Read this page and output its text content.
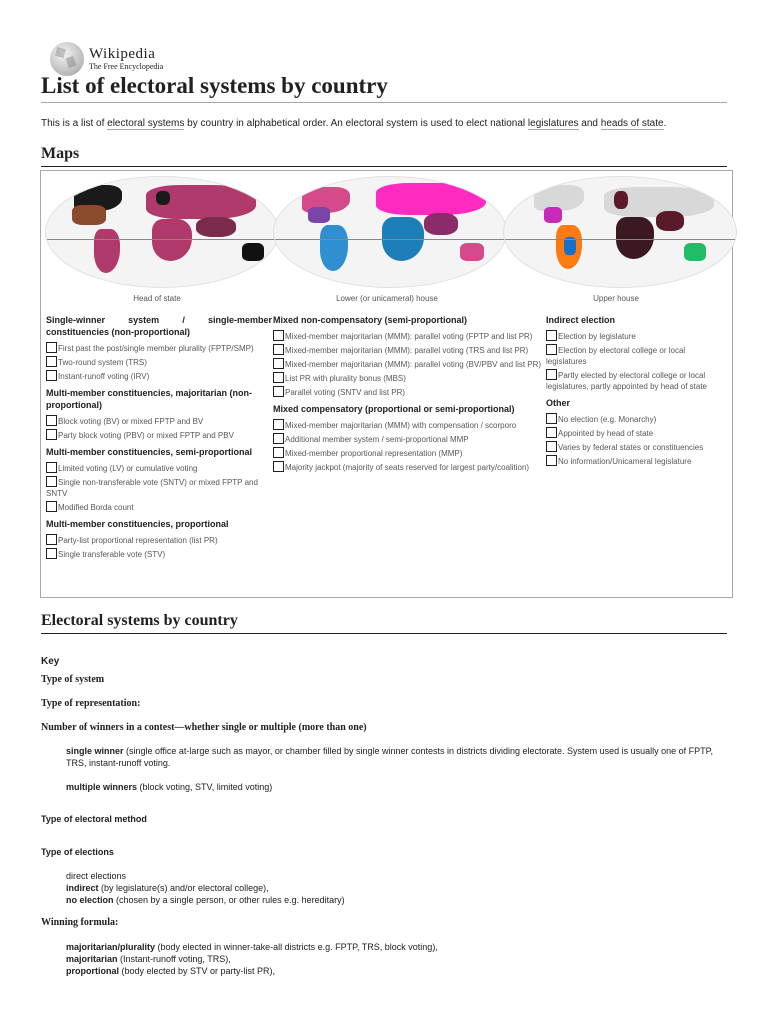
Wikipedia
The Free Encyclopedia
List of electoral systems by country

This is a list of electoral systems by country in alphabetical order. An electoral system is used to elect national legislatures and heads of state.

Maps
Head of state	Lower (or unicameral) house	Upper house
Single-winner system / single-member constituencies (non-proportional)
First past the post/single member plurality (FPTP/SMP)
Two-round system (TRS)
Instant-runoff voting (IRV)
Multi-member constituencies, majoritarian (non-proportional)
Block voting (BV) or mixed FPTP and BV
Party block voting (PBV) or mixed FPTP and PBV
Multi-member constituencies, semi-proportional
Limited voting (LV) or cumulative voting
Single non-transferable vote (SNTV) or mixed FPTP and SNTV
Modified Borda count
Multi-member constituencies, proportional
Party-list proportional representation (list PR)
Single transferable vote (STV)
Mixed non-compensatory (semi-proportional)
Mixed-member majoritarian (MMM): parallel voting (FPTP and list PR)
Mixed-member majoritarian (MMM): parallel voting (TRS and list PR)
Mixed-member majoritarian (MMM): parallel voting (BV/PBV and list PR)
List PR with plurality bonus (MBS)
Parallel voting (SNTV and list PR)
Mixed compensatory (proportional or semi-proportional)
Mixed-member majoritarian (MMM) with compensation / scorporo
Additional member system / semi-proportional MMP
Mixed-member proportional representation (MMP)
Majority jackpot (majority of seats reserved for largest party/coalition)
Indirect election
Election by legislature
Election by electoral college or local legislatures
Partly elected by electoral college or local legislatures, partly appointed by head of state
Other
No election (e.g. Monarchy)
Appointed by head of state
Varies by federal states or constituencies
No information/Unicameral legislature
Electoral systems by country
Key
Type of system
Type of representation:
Number of winners in a contest—whether single or multiple (more than one)
single winner (single office at-large such as mayor, or chamber filled by single winner contests in districts dividing electorate. System used is usually one of FPTP, TRS, instant-runoff voting.
multiple winners (block voting, STV, limited voting)
Type of electoral method
Type of elections
direct elections
indirect (by legislature(s) and/or electoral college),
no election (chosen by a single person, or other rules e.g. hereditary)
Winning formula:
majoritarian/plurality (body elected in winner-take-all districts e.g. FPTP, TRS, block voting),
majoritarian (Instant-runoff voting, TRS),
proportional (body elected by STV or party-list PR),
